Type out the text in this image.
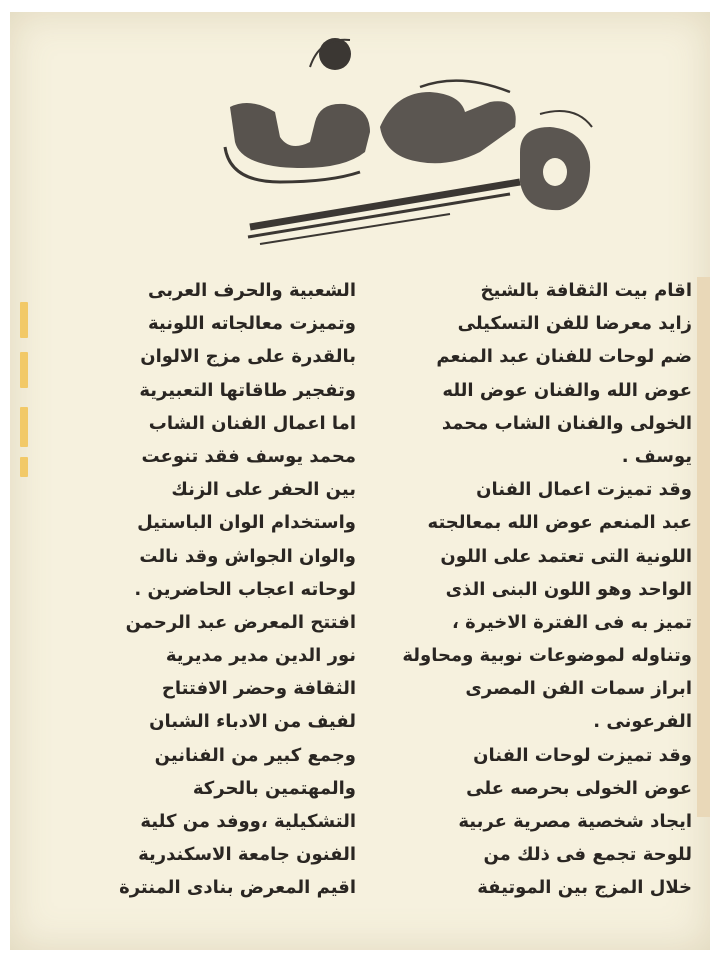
اقام بيت الثقافة بالشيخ
زايد معرضا للفن التسكيلى
ضم لوحات للفنان عبد المنعم
عوض الله والفنان عوض الله
الخولى والفنان الشاب محمد
يوسف .
وقد تميزت اعمال الفنان
عبد المنعم عوض الله بمعالجته
اللونية التى تعتمد على اللون
الواحد وهو اللون البنى الذى
تميز به فى الفترة الاخيرة ،
وتناوله لموضوعات نوبية ومحاولة
ابراز سمات الفن المصرى
الفرعونى .
وقد تميزت لوحات الفنان
عوض الخولى بحرصه على
ايجاد شخصية مصرية عربية
للوحة تجمع فى ذلك من
خلال المزج بين الموتيفة
الشعبية والحرف العربى
وتميزت معالجاته اللونية
بالقدرة على مزج الالوان
وتفجير طاقاتها التعبيرية
اما اعمال الفنان الشاب
محمد يوسف فقد تنوعت
بين الحفر على الزنك
واستخدام الوان الباستيل
والوان الجواش وقد نالت
لوحاته اعجاب الحاضرين .
افتتح المعرض عبد الرحمن
نور الدين مدير مديرية
الثقافة وحضر الافتتاح
لفيف من الادباء الشبان
وجمع كبير من الفنانين
والمهتمين بالحركة
التشكيلية ،ووفد من كلية
الفنون جامعة الاسكندرية
اقيم المعرض بنادى المنترة
